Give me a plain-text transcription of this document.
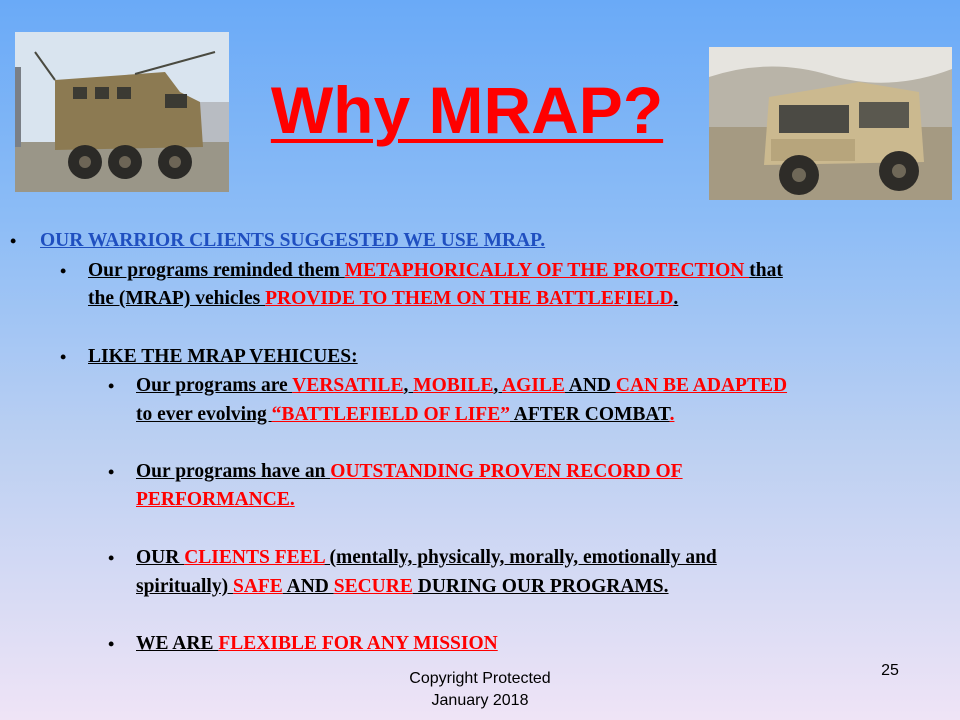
Why MRAP?
• OUR WARRIOR CLIENTS SUGGESTED WE USE MRAP.
• Our programs reminded them METAPHORICALLY OF THE PROTECTION that
the (MRAP) vehicles PROVIDE TO THEM ON THE BATTLEFIELD.
• LIKE THE MRAP VEHICUES:
• Our programs are VERSATILE, MOBILE, AGILE AND CAN BE ADAPTED
to ever evolving “BATTLEFIELD OF LIFE” AFTER COMBAT.
• Our programs have an OUTSTANDING PROVEN RECORD OF
PERFORMANCE.
• OUR CLIENTS FEEL (mentally, physically, morally, emotionally and
spiritually) SAFE AND SECURE DURING OUR PROGRAMS.
• WE ARE FLEXIBLE FOR ANY MISSION
Copyright Protected
January 2018
25
